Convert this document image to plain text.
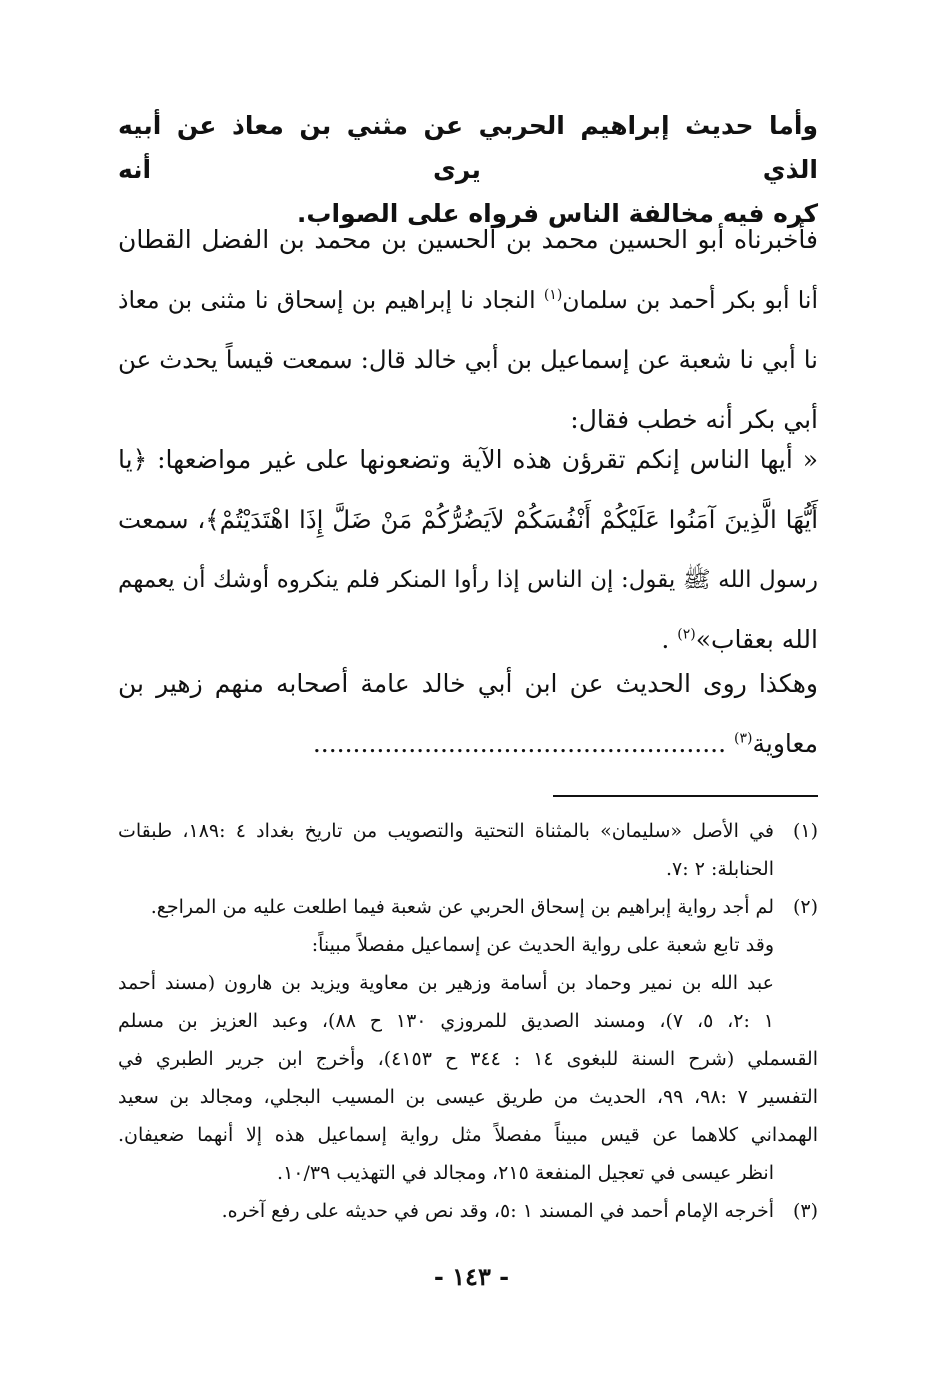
وأما حديث إبراهيم الحربي عن مثني بن معاذ عن أبيه الذي يرى أنه
كره فيه مخالفة الناس فرواه على الصواب.
فأخبرناه أبو الحسين محمد بن الحسين بن محمد بن الفضل القطان
أنا أبو بكر أحمد بن سلمان$^{(١)}$ النجاد نا إبراهيم بن إسحاق نا مثنى بن معاذ
نا أبي نا شعبة عن إسماعيل بن أبي خالد قال: سمعت قيساً يحدث عن
أبي بكر أنه خطب فقال:
« أيها الناس إنكم تقرؤن هذه الآية وتضعونها على غير مواضعها: ﴿يا
أَيُّهَا الَّذِينَ آمَنُوا عَلَيْكُمْ أَنْفُسَكُمْ لاَيَضُرُّكُمْ مَنْ ضَلَّ إِذَا اهْتَدَيْتُمْ﴾، سمعت
رسول الله ﷺ يقول: إن الناس إذا رأوا المنكر فلم ينكروه أوشك أن يعمهم
الله بعقاب»$^{(٢)}$ .
وهكذا روى الحديث عن ابن أبي خالد عامة أصحابه منهم زهير بن
معاوية$^{(٣)}$ ....................................................
(١)
في الأصل «سليمان» بالمثناة التحتية والتصويب من تاريخ بغداد ٤ :١٨٩، طبقات
الحنابلة: ٢ :٧.
(٢)
لم أجد رواية إبراهيم بن إسحاق الحربي عن شعبة فيما اطلعت عليه من المراجع.
وقد تابع شعبة على رواية الحديث عن إسماعيل مفصلاً مبيناً:
عبد الله بن نمير وحماد بن أسامة وزهير بن معاوية ويزيد بن هارون (مسند أحمد
١ :٢، ٥، ٧)، ومسند الصديق للمروزي ١٣٠ ح ٨٨)، وعبد العزيز بن مسلم
القسملي (شرح السنة للبغوى ١٤ : ٣٤٤ ح ٤١٥٣)، وأخرج ابن جرير الطبري في
التفسير ٧ :٩٨، ٩٩، الحديث من طريق عيسى بن المسيب البجلي، ومجالد بن سعيد
الهمداني كلاهما عن قيس مبيناً مفصلاً مثل رواية إسماعيل هذه إلا أنهما ضعيفان.
انظر عيسى في تعجيل المنفعة ٢١٥، ومجالد في التهذيب ١٠/٣٩.
(٣)
أخرجه الإمام أحمد في المسند ١ :٥، وقد نص في حديثه على رفع آخره.
- ١٤٣ -
